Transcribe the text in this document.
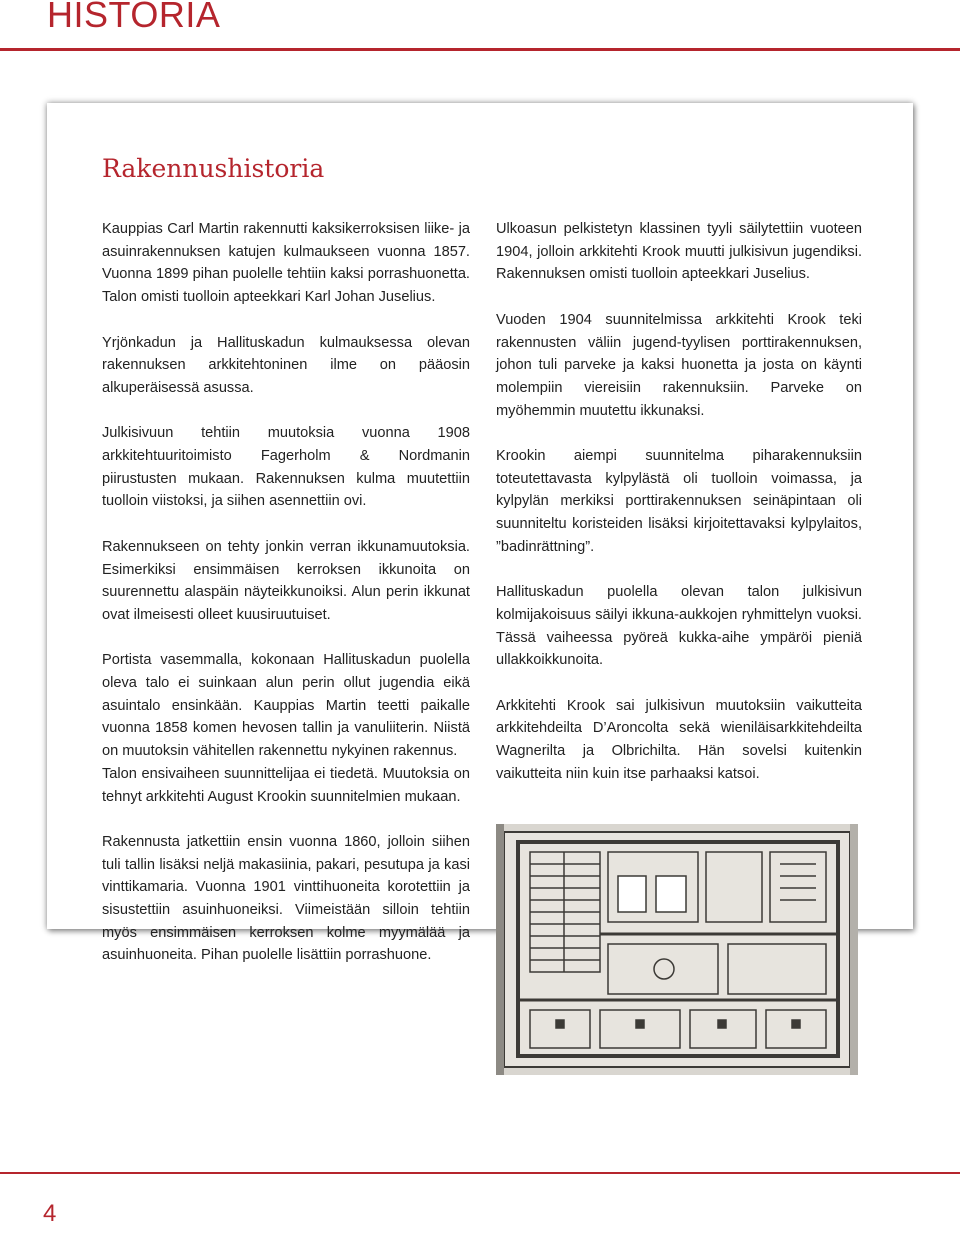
HISTORIA
Rakennushistoria

Kauppias Carl Martin rakennutti kaksikerroksisen liike- ja asuinrakennuksen katujen kulmaukseen vuonna 1857. Vuonna 1899 pihan puolelle tehtiin kaksi porrashuonetta. Talon omisti tuolloin apteekkari Karl Johan Juselius.

Yrjönkadun ja Hallituskadun kulmauksessa olevan rakennuksen arkkitehtoninen ilme on pääosin alkuperäisessä asussa.

Julkisivuun tehtiin muutoksia vuonna 1908 arkkitehtuuritoimisto Fagerholm & Nordmanin piirustusten mukaan. Rakennuksen kulma muutettiin tuolloin viistoksi, ja siihen asennettiin ovi.

Rakennukseen on tehty jonkin verran ikkunamuutoksia. Esimerkiksi ensimmäisen kerroksen ikkunoita on suurennettu alaspäin näyteikkunoiksi. Alun perin ikkunat ovat ilmeisesti olleet kuusiruutuiset.

Portista vasemmalla, kokonaan Hallituskadun puolella oleva talo ei suinkaan alun perin ollut jugendia eikä asuintalo ensinkään. Kauppias Martin teetti paikalle vuonna 1858 komen hevosen tallin ja vanuliiterin. Niistä on muutoksin vähitellen rakennettu nykyinen rakennus.

Talon ensivaiheen suunnittelijaa ei tiedetä. Muutoksia on tehnyt arkkitehti August Krookin suunnitelmien mukaan.

Rakennusta jatkettiin ensin vuonna 1860, jolloin siihen tuli tallin lisäksi neljä makasiinia, pakari, pesutupa ja kasi vinttikamaria. Vuonna 1901 vinttihuoneita korotettiin ja sisustettiin asuinhuoneiksi. Viimeistään silloin tehtiin myös ensimmäisen kerroksen kolme myymälää ja asuinhuoneita. Pihan puolelle lisättiin porrashuone.

Ulkoasun pelkistetyn klassinen tyyli säilytettiin vuoteen 1904, jolloin arkkitehti Krook muutti julkisivun jugendiksi. Rakennuksen omisti tuolloin apteekkari Juselius.

Vuoden 1904 suunnitelmissa arkkitehti Krook teki rakennusten väliin jugend-tyylisen porttirakennuksen, johon tuli parveke ja kaksi huonetta ja josta on käynti molempiin viereisiin rakennuksiin. Parveke on myöhemmin muutettu ikkunaksi.

Krookin aiempi suunnitelma piharakennuksiin toteutettavasta kylpylästä oli tuolloin voimassa, ja kylpylän merkiksi porttirakennuksen seinäpintaan oli suunniteltu koristeiden lisäksi kirjoitettavaksi kylpylaitos, ”badinrättning”.

Hallituskadun puolella olevan talon julkisivun kolmijakoisuus säilyi ikkuna-aukkojen ryhmittelyn vuoksi. Tässä vaiheessa pyöreä kukka-aihe ympäröi pieniä ullakkoikkunoita.

Arkkitehti Krook sai julkisivun muutoksiin vaikutteita arkkitehdeilta D’Aroncolta sekä wieniläisarkkitehdeilta Wagnerilta ja Olbrichilta. Hän sovelsi kuitenkin vaikutteita niin kuin itse parhaaksi katsoi.

4
